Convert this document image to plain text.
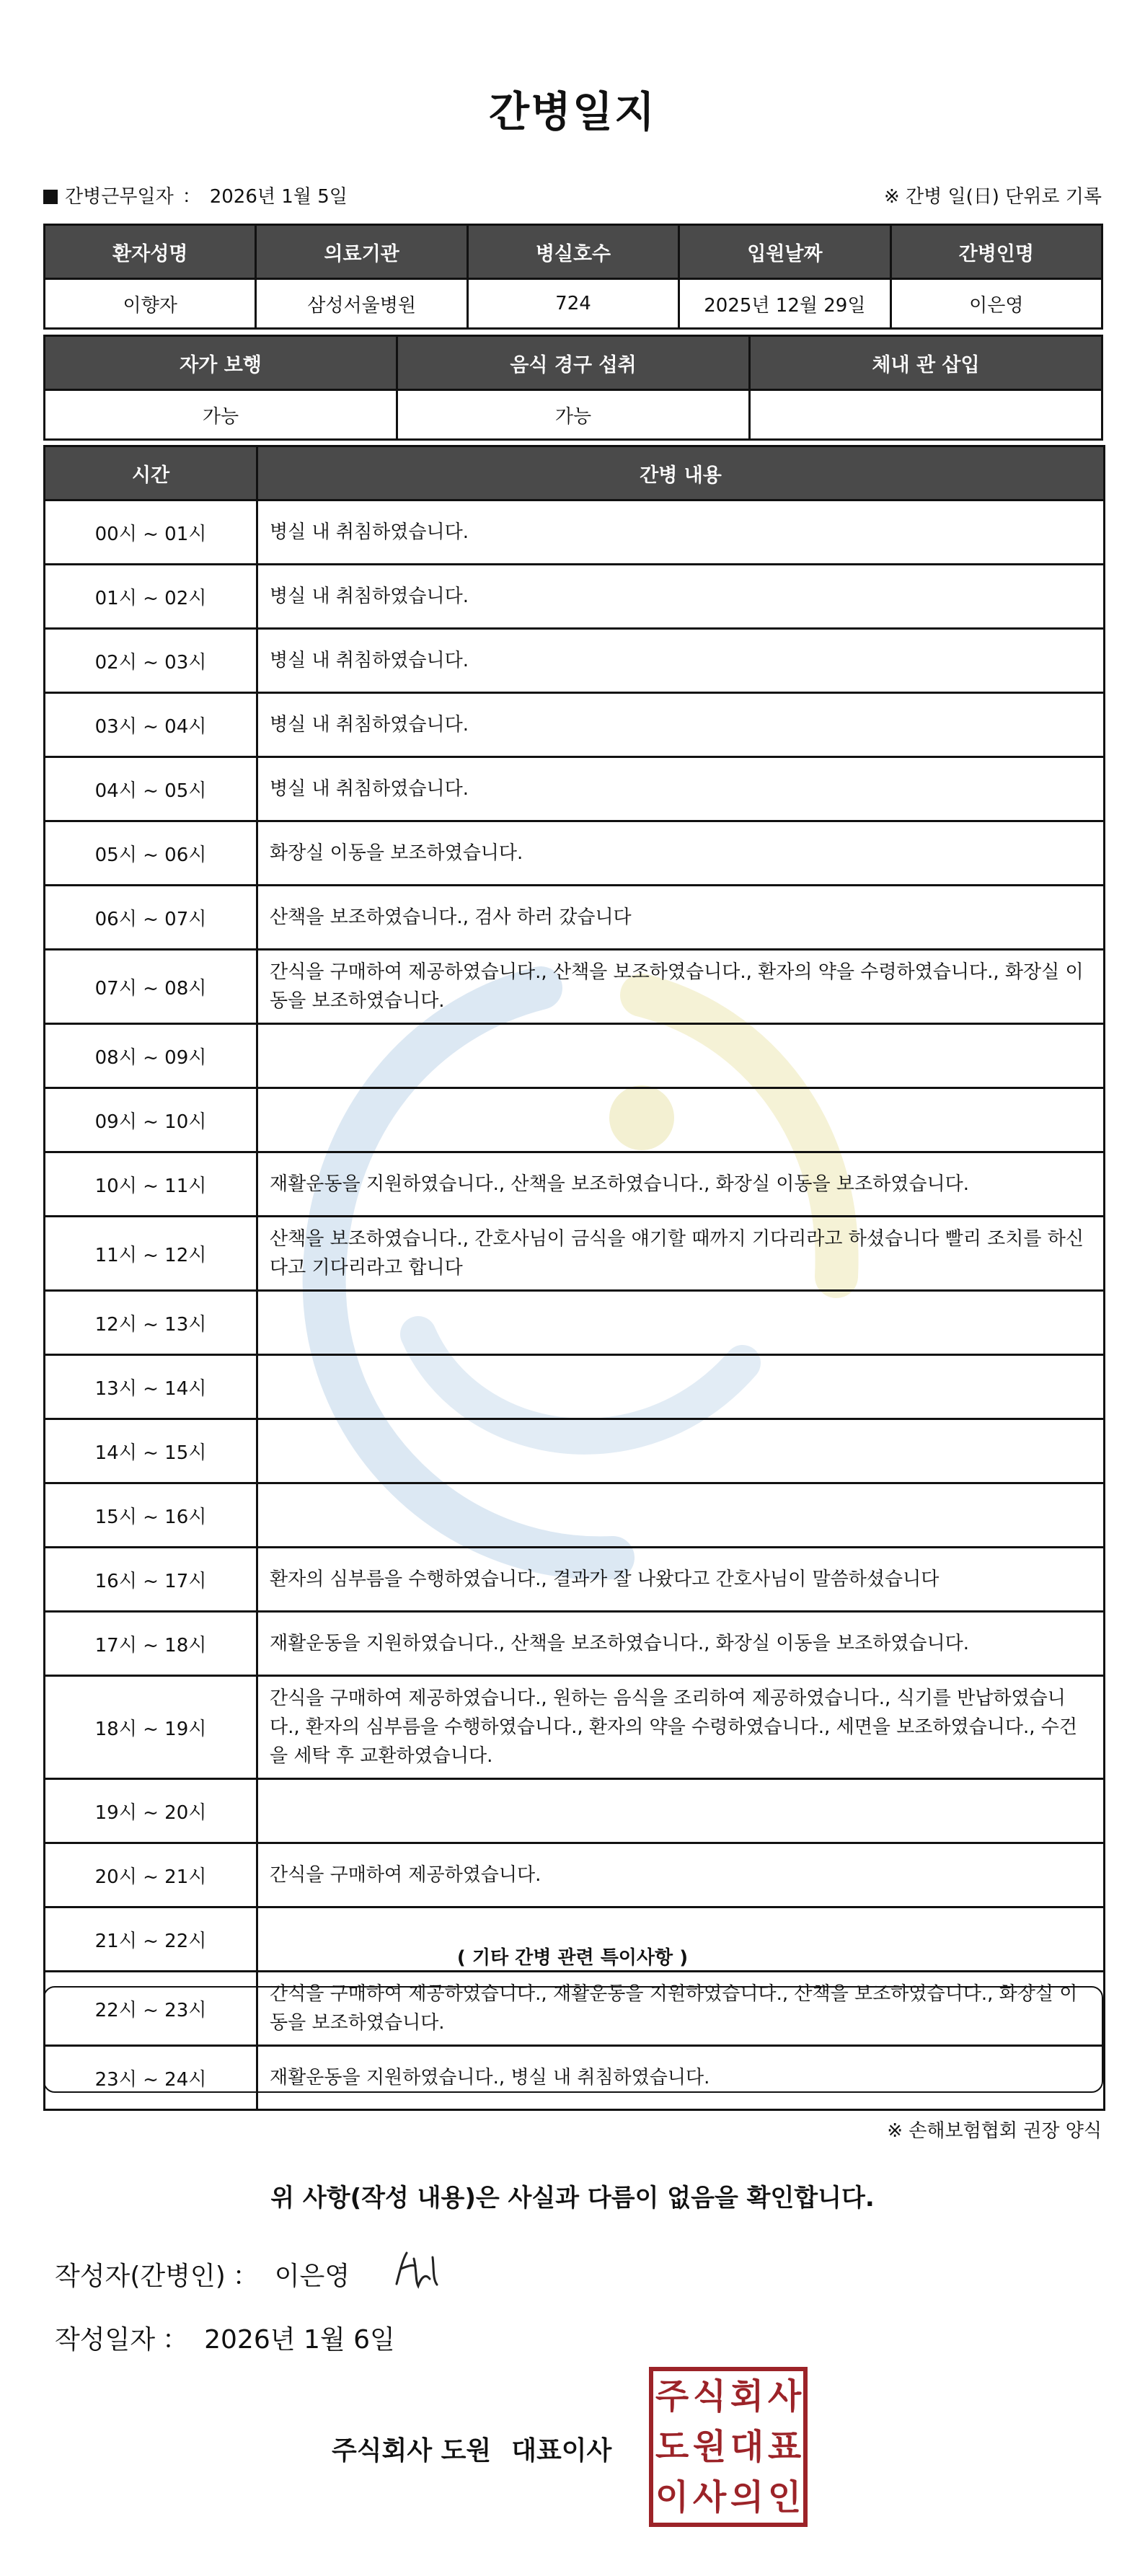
간병일지
간병근무일자 ： 2026년 1월 5일	※ 간병 일(日) 단위로 기록
환자성명	의료기관	병실호수	입원날짜	간병인명
이향자	삼성서울병원	724	2025년 12월 29일	이은영
자가 보행	음식 경구 섭취	체내 관 삽입
가능	가능	
시간	간병 내용
00시 ~ 01시	병실 내 취침하였습니다.
01시 ~ 02시	병실 내 취침하였습니다.
02시 ~ 03시	병실 내 취침하였습니다.
03시 ~ 04시	병실 내 취침하였습니다.
04시 ~ 05시	병실 내 취침하였습니다.
05시 ~ 06시	화장실 이동을 보조하였습니다.
06시 ~ 07시	산책을 보조하였습니다., 검사 하러 갔습니다
07시 ~ 08시	간식을 구매하여 제공하였습니다., 산책을 보조하였습니다., 환자의 약을 수령하였습니다., 화장실 이동을 보조하였습니다.
08시 ~ 09시	
09시 ~ 10시	
10시 ~ 11시	재활운동을 지원하였습니다., 산책을 보조하였습니다., 화장실 이동을 보조하였습니다.
11시 ~ 12시	산책을 보조하였습니다., 간호사님이 금식을 얘기할 때까지 기다리라고 하셨습니다 빨리 조치를 하신다고 기다리라고 합니다
12시 ~ 13시	
13시 ~ 14시	
14시 ~ 15시	
15시 ~ 16시	
16시 ~ 17시	환자의 심부름을 수행하였습니다., 결과가 잘 나왔다고 간호사님이 말씀하셨습니다
17시 ~ 18시	재활운동을 지원하였습니다., 산책을 보조하였습니다., 화장실 이동을 보조하였습니다.
18시 ~ 19시	간식을 구매하여 제공하였습니다., 원하는 음식을 조리하여 제공하였습니다., 식기를 반납하였습니다., 환자의 심부름을 수행하였습니다., 환자의 약을 수령하였습니다., 세면을 보조하였습니다., 수건을 세탁 후 교환하였습니다.
19시 ~ 20시	
20시 ~ 21시	간식을 구매하여 제공하였습니다.
21시 ~ 22시	
22시 ~ 23시	간식을 구매하여 제공하였습니다., 재활운동을 지원하였습니다., 산책을 보조하였습니다., 화장실 이동을 보조하였습니다.
23시 ~ 24시	재활운동을 지원하였습니다., 병실 내 취침하였습니다.
( 기타 간병 관련 특이사항 )
※ 손해보험협회 권장 양식
위 사항(작성 내용)은 사실과 다름이 없음을 확인합니다.
작성자(간병인) ： 이은영
작성일자 ： 2026년 1월 6일
주식회사 도원 대표이사
주 식 회 사
도 원 대 표
이 사 의 인
